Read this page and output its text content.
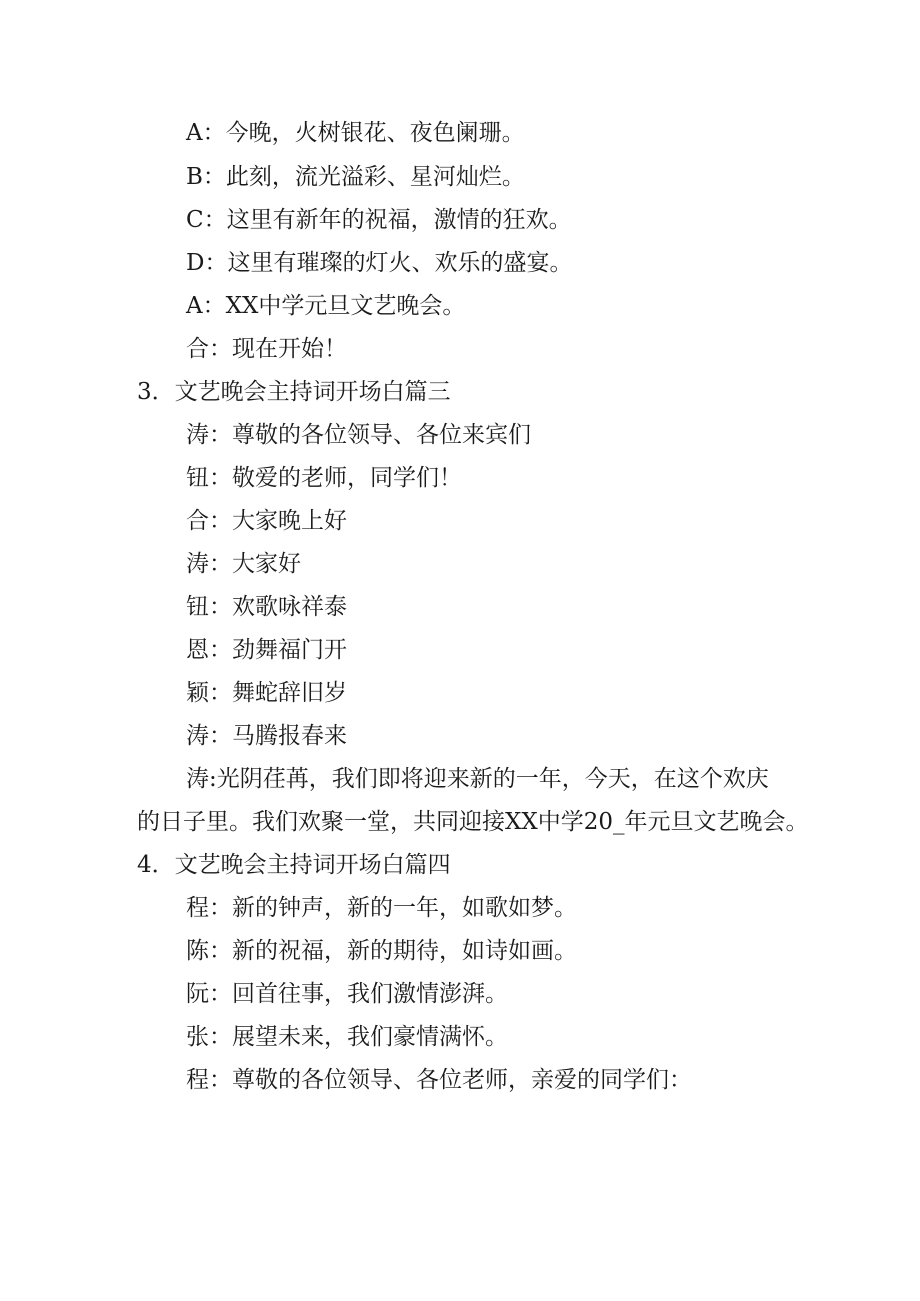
A：今晚，火树银花、夜色阑珊。
B：此刻，流光溢彩、星河灿烂。
C：这里有新年的祝福，激情的狂欢。
D：这里有璀璨的灯火、欢乐的盛宴。
A：XX中学元旦文艺晚会。
合：现在开始！
3．文艺晚会主持词开场白篇三
涛：尊敬的各位领导、各位来宾们
钮：敬爱的老师，同学们！
合：大家晚上好
涛：大家好
钮：欢歌咏祥泰
恩：劲舞福门开
颖：舞蛇辞旧岁
涛：马腾报春来
涛:光阴荏苒，我们即将迎来新的一年，今天，在这个欢庆
的日子里。我们欢聚一堂，共同迎接XX中学20_年元旦文艺晚会。
4．文艺晚会主持词开场白篇四
程：新的钟声，新的一年，如歌如梦。
陈：新的祝福，新的期待，如诗如画。
阮：回首往事，我们激情澎湃。
张：展望未来，我们豪情满怀。
程：尊敬的各位领导、各位老师，亲爱的同学们：
